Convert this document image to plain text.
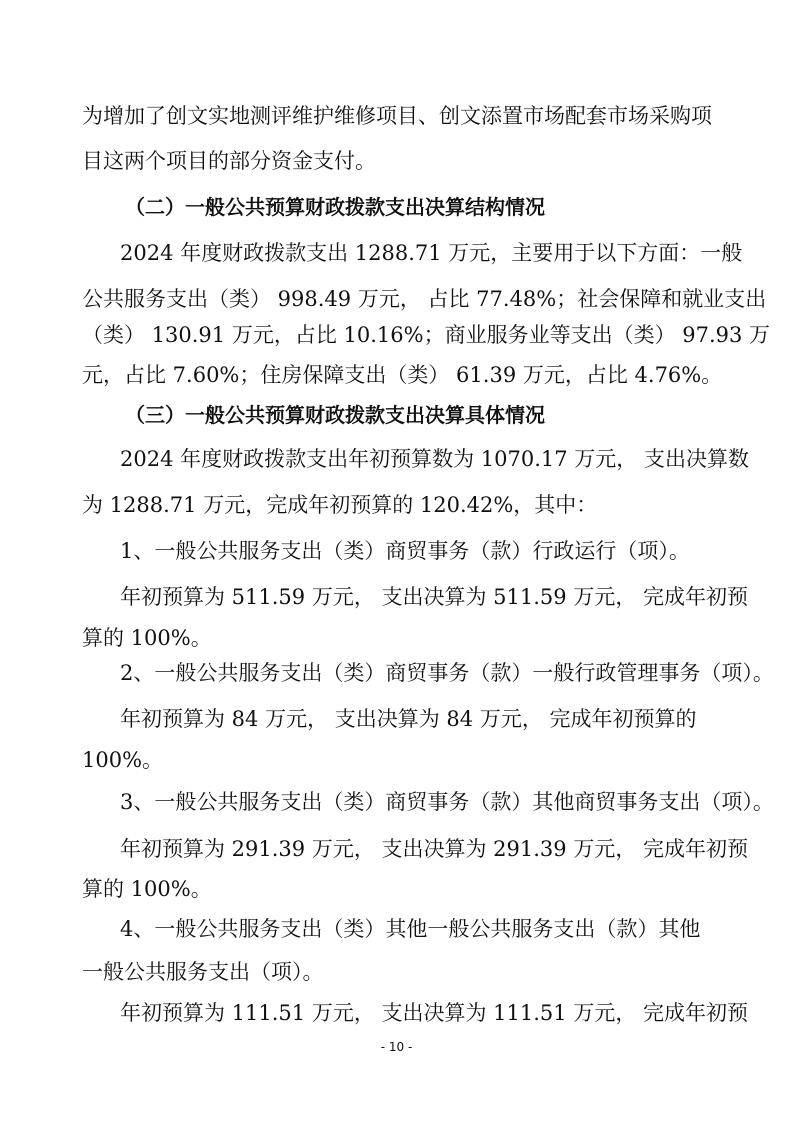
为增加了创文实地测评维护维修项目、创文添置市场配套市场采购项
目这两个项目的部分资金支付。
（二）一般公共预算财政拨款支出决算结构情况
2024 年度财政拨款支出 1288.71 万元，主要用于以下方面：一般
公共服务支出（类） 998.49 万元， 占比 77.48%；社会保障和就业支出
（类） 130.91 万元，占比 10.16%；商业服务业等支出（类） 97.93 万
元，占比 7.60%；住房保障支出（类） 61.39 万元，占比 4.76%。
（三）一般公共预算财政拨款支出决算具体情况
2024 年度财政拨款支出年初预算数为 1070.17 万元， 支出决算数
为 1288.71 万元，完成年初预算的 120.42%，其中：
1、一般公共服务支出（类）商贸事务（款）行政运行（项）。
年初预算为 511.59 万元， 支出决算为 511.59 万元， 完成年初预
算的 100%。
2、一般公共服务支出（类）商贸事务（款）一般行政管理事务（项）。
年初预算为 84 万元， 支出决算为 84 万元， 完成年初预算的
100%。
3、一般公共服务支出（类）商贸事务（款）其他商贸事务支出（项）。
年初预算为 291.39 万元， 支出决算为 291.39 万元， 完成年初预
算的 100%。
4、一般公共服务支出（类）其他一般公共服务支出（款）其他
一般公共服务支出（项）。
年初预算为 111.51 万元， 支出决算为 111.51 万元， 完成年初预
- 10 -
